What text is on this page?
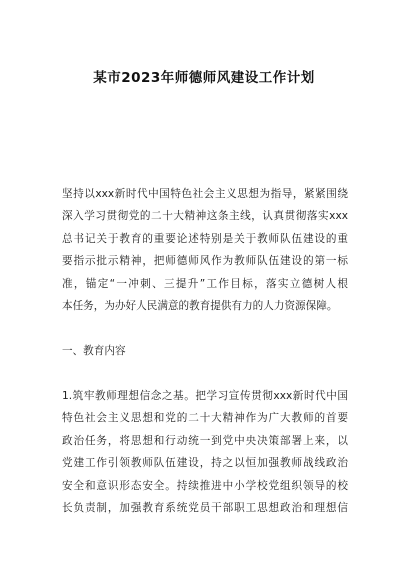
某市2023年师德师风建设工作计划
坚持以xxx新时代中国特色社会主义思想为指导，紧紧围绕
深入学习贯彻党的二十大精神这条主线，认真贯彻落实xxx
总书记关于教育的重要论述特别是关于教师队伍建设的重
要指示批示精神，把师德师风作为教师队伍建设的第一标
准，锚定“一冲刺、三提升”工作目标，落实立德树人根
本任务，为办好人民满意的教育提供有力的人力资源保障。
一、教育内容
1.筑牢教师理想信念之基。把学习宣传贯彻xxx新时代中国
特色社会主义思想和党的二十大精神作为广大教师的首要
政治任务，将思想和行动统一到党中央决策部署上来，以
党建工作引领教师队伍建设，持之以恒加强教师战线政治
安全和意识形态安全。持续推进中小学校党组织领导的校
长负责制，加强教育系统党员干部职工思想政治和理想信
